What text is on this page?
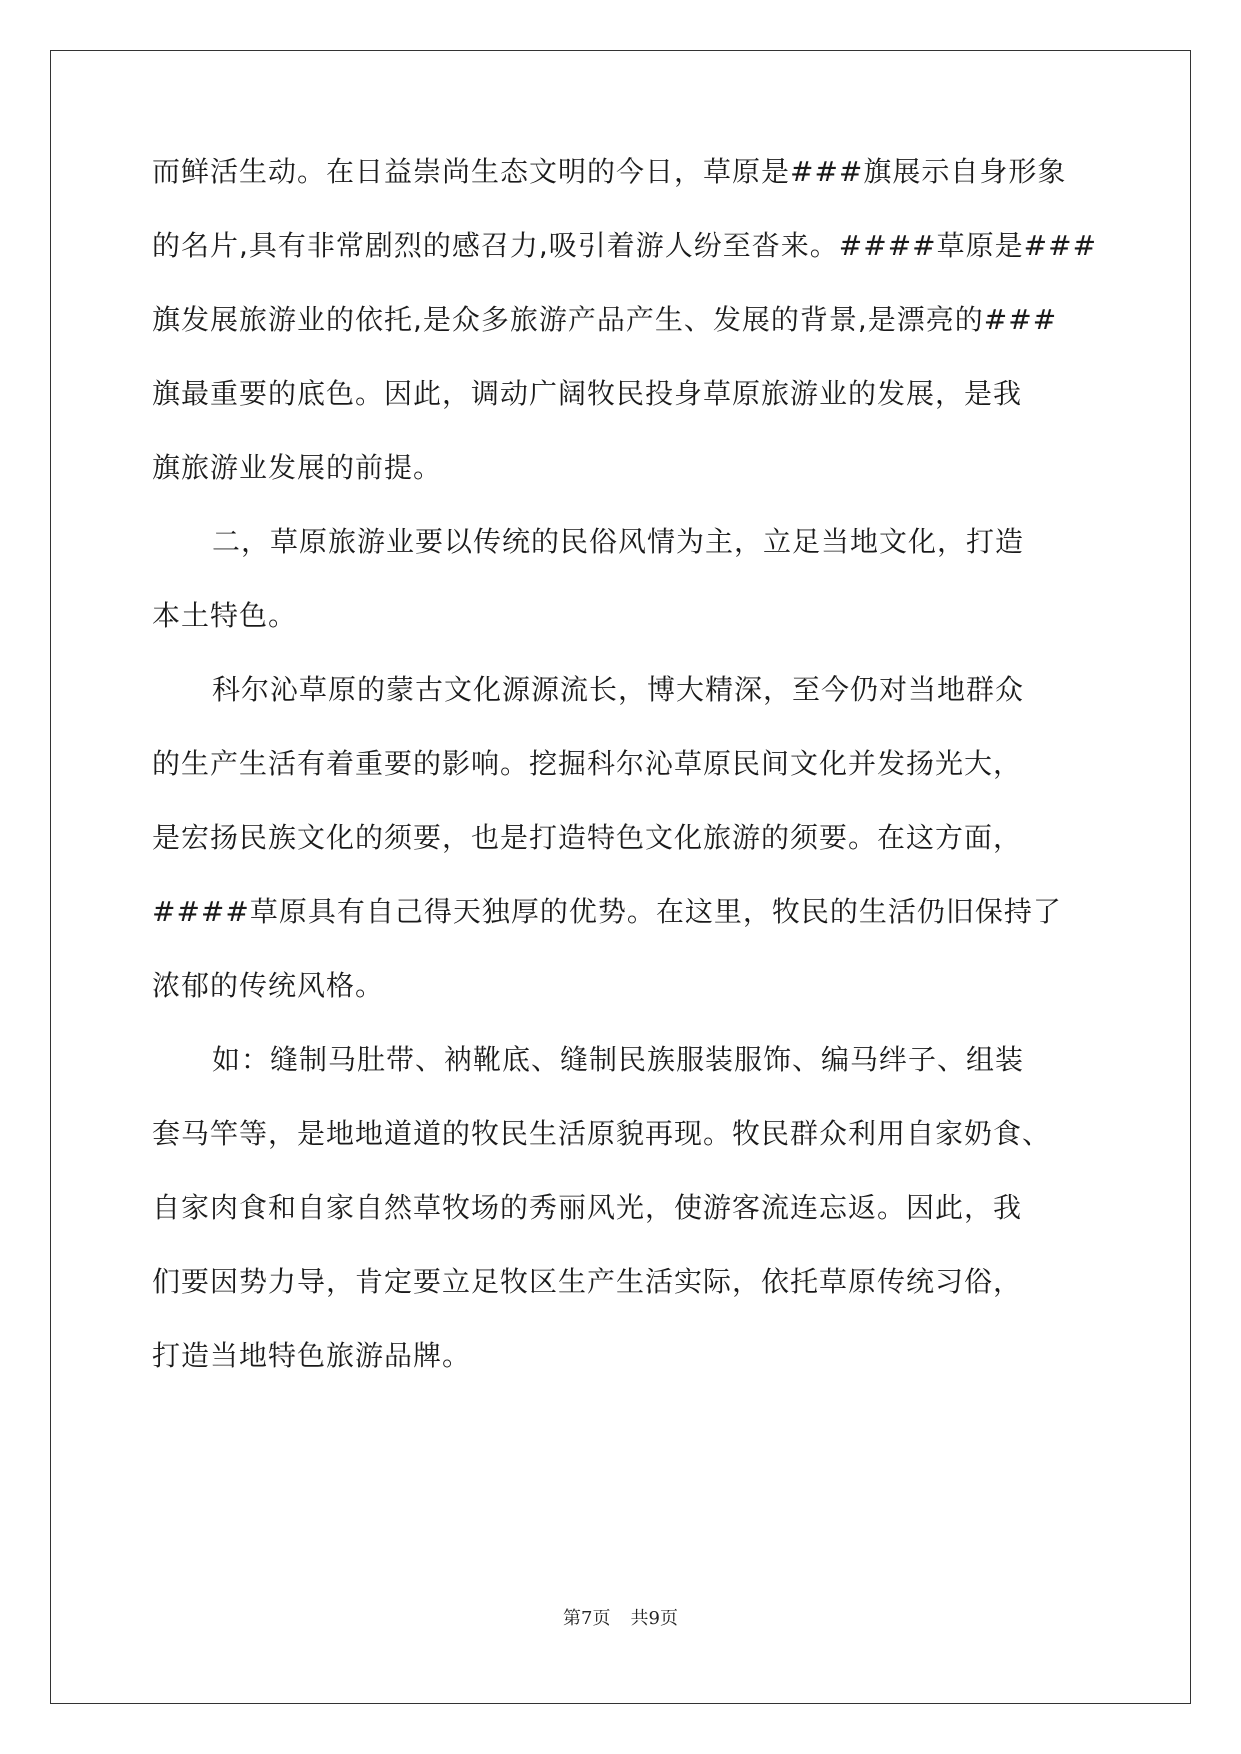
而鲜活生动。在日益崇尚生态文明的今日，草原是###旗展示自身形象
的名片,具有非常剧烈的感召力,吸引着游人纷至沓来。####草原是###
旗发展旅游业的依托,是众多旅游产品产生、发展的背景,是漂亮的###
旗最重要的底色。因此，调动广阔牧民投身草原旅游业的发展，是我
旗旅游业发展的前提。
二，草原旅游业要以传统的民俗风情为主，立足当地文化，打造
本土特色。
科尔沁草原的蒙古文化源源流长，博大精深，至今仍对当地群众
的生产生活有着重要的影响。挖掘科尔沁草原民间文化并发扬光大，
是宏扬民族文化的须要，也是打造特色文化旅游的须要。在这方面，
####草原具有自己得天独厚的优势。在这里，牧民的生活仍旧保持了
浓郁的传统风格。
如：缝制马肚带、衲靴底、缝制民族服装服饰、编马绊子、组装
套马竿等，是地地道道的牧民生活原貌再现。牧民群众利用自家奶食、
自家肉食和自家自然草牧场的秀丽风光，使游客流连忘返。因此，我
们要因势力导，肯定要立足牧区生产生活实际，依托草原传统习俗，
打造当地特色旅游品牌。
第7页 共9页
